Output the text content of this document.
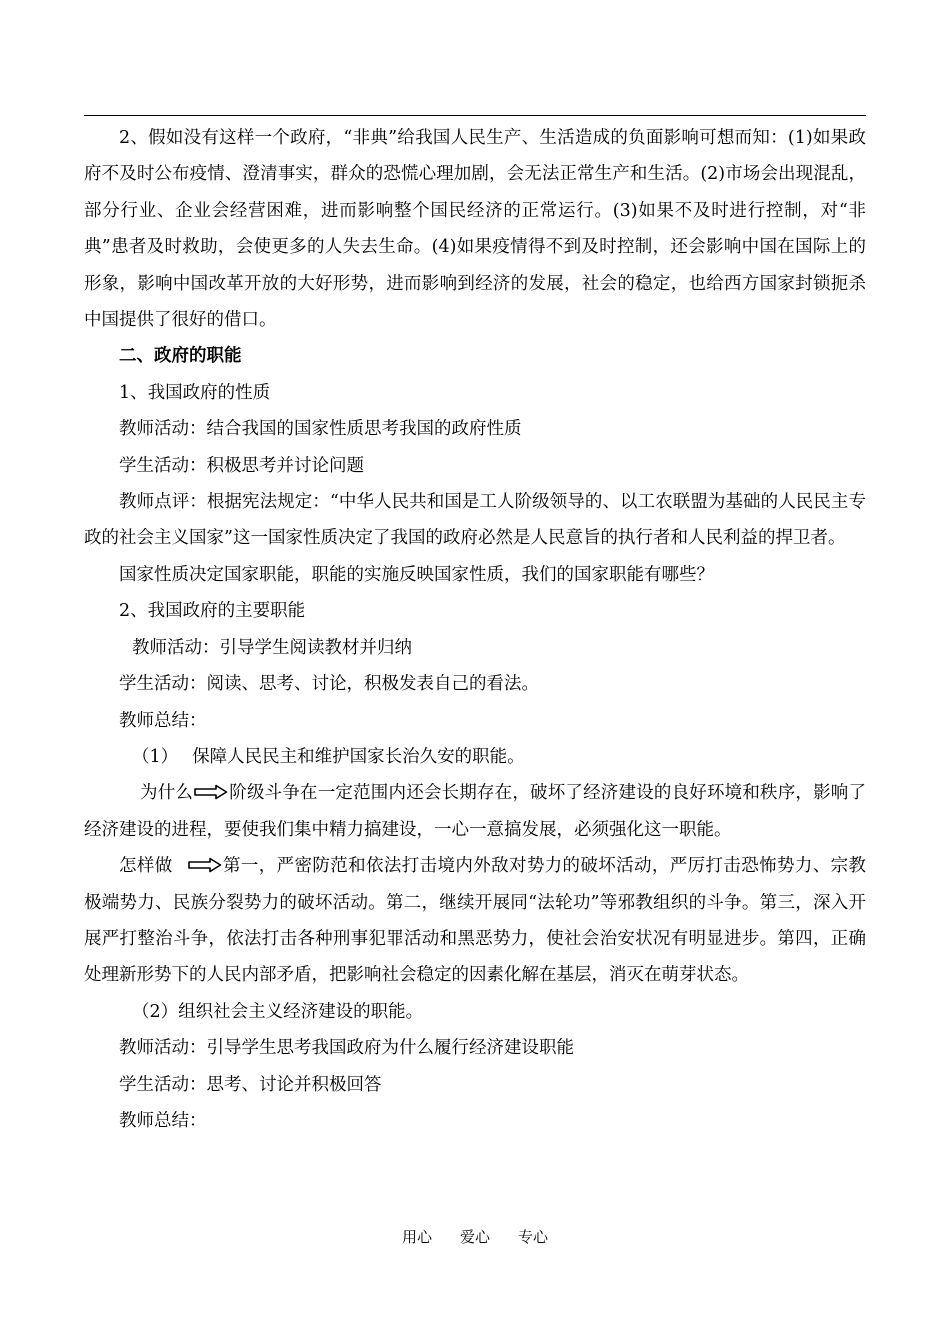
2、假如没有这样一个政府，“非典”给我国人民生产、生活造成的负面影响可想而知：(1)如果政府不及时公布疫情、澄清事实，群众的恐慌心理加剧，会无法正常生产和生活。(2)市场会出现混乱，部分行业、企业会经营困难，进而影响整个国民经济的正常运行。(3)如果不及时进行控制，对“非典”患者及时救助，会使更多的人失去生命。(4)如果疫情得不到及时控制，还会影响中国在国际上的形象，影响中国改革开放的大好形势，进而影响到经济的发展，社会的稳定，也给西方国家封锁扼杀中国提供了很好的借口。

二、政府的职能

1、我国政府的性质

教师活动：结合我国的国家性质思考我国的政府性质

学生活动：积极思考并讨论问题

教师点评：根据宪法规定：“中华人民共和国是工人阶级领导的、以工农联盟为基础的人民民主专政的社会主义国家”这一国家性质决定了我国的政府必然是人民意旨的执行者和人民利益的捍卫者。

国家性质决定国家职能，职能的实施反映国家性质，我们的国家职能有哪些？

2、我国政府的主要职能

教师活动：引导学生阅读教材并归纳

学生活动：阅读、思考、讨论，积极发表自己的看法。

教师总结：

（1） 保障人民民主和维护国家长治久安的职能。

为什么 阶级斗争在一定范围内还会长期存在，破坏了经济建设的良好环境和秩序，影响了经济建设的进程，要使我们集中精力搞建设，一心一意搞发展，必须强化这一职能。

怎样做	第一，严密防范和依法打击境内外敌对势力的破坏活动，严厉打击恐怖势力、宗教极端势力、民族分裂势力的破坏活动。第二，继续开展同“法轮功”等邪教组织的斗争。第三，深入开展严打整治斗争，依法打击各种刑事犯罪活动和黑恶势力，使社会治安状况有明显进步。第四，正确处理新形势下的人民内部矛盾，把影响社会稳定的因素化解在基层，消灭在萌芽状态。

（2）组织社会主义经济建设的职能。

教师活动：引导学生思考我国政府为什么履行经济建设职能

学生活动：思考、讨论并积极回答

教师总结：

用心 爱心 专心
